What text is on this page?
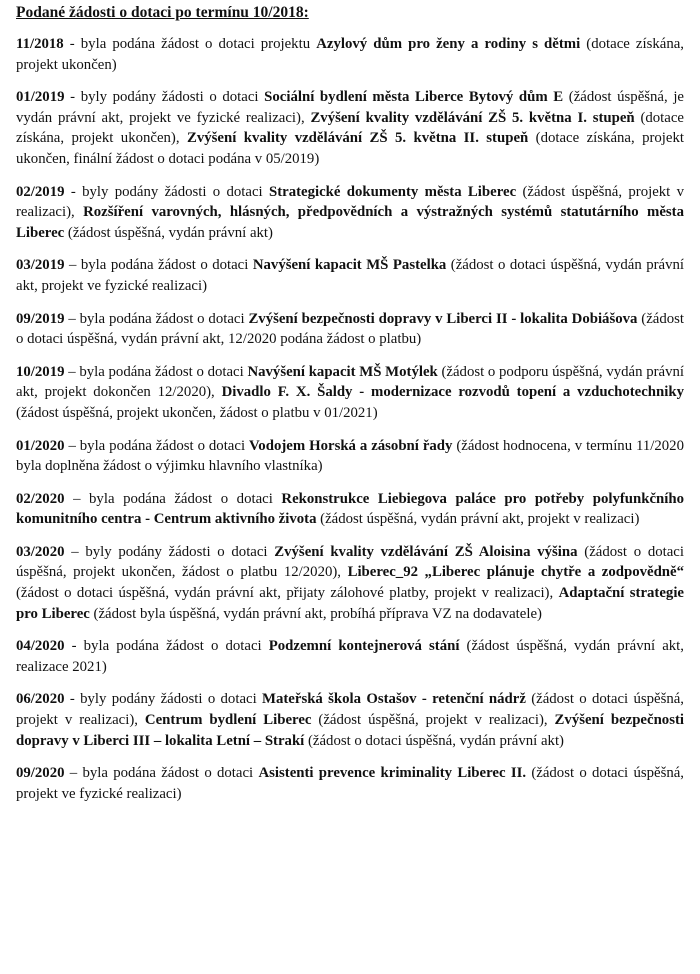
Podané žádosti o dotaci po termínu 10/2018:

11/2018 - byla podána žádost o dotaci projektu Azylový dům pro ženy a rodiny s dětmi (dotace získána, projekt ukončen)

01/2019 - byly podány žádosti o dotaci Sociální bydlení města Liberce Bytový dům E (žádost úspěšná, je vydán právní akt, projekt ve fyzické realizaci), Zvýšení kvality vzdělávání ZŠ 5. května I. stupeň (dotace získána, projekt ukončen), Zvýšení kvality vzdělávání ZŠ 5. května II. stupeň (dotace získána, projekt ukončen, finální žádost o dotaci podána v 05/2019)

02/2019 - byly podány žádosti o dotaci Strategické dokumenty města Liberec (žádost úspěšná, projekt v realizaci), Rozšíření varovných, hlásných, předpovědních a výstražných systémů statutárního města Liberec (žádost úspěšná, vydán právní akt)

03/2019 – byla podána žádost o dotaci Navýšení kapacit MŠ Pastelka (žádost o dotaci úspěšná, vydán právní akt, projekt ve fyzické realizaci)

09/2019 – byla podána žádost o dotaci Zvýšení bezpečnosti dopravy v Liberci II - lokalita Dobiášova (žádost o dotaci úspěšná, vydán právní akt, 12/2020 podána žádost o platbu)

10/2019 – byla podána žádost o dotaci Navýšení kapacit MŠ Motýlek (žádost o podporu úspěšná, vydán právní akt, projekt dokončen 12/2020), Divadlo F. X. Šaldy - modernizace rozvodů topení a vzduchotechniky (žádost úspěšná, projekt ukončen, žádost o platbu v 01/2021)

01/2020 – byla podána žádost o dotaci Vodojem Horská a zásobní řady (žádost hodnocena, v termínu 11/2020 byla doplněna žádost o výjimku hlavního vlastníka)

02/2020 – byla podána žádost o dotaci Rekonstrukce Liebiegova paláce pro potřeby polyfunkčního komunitního centra - Centrum aktivního života (žádost úspěšná, vydán právní akt, projekt v realizaci)

03/2020 – byly podány žádosti o dotaci Zvýšení kvality vzdělávání ZŠ Aloisina výšina (žádost o dotaci úspěšná, projekt ukončen, žádost o platbu 12/2020), Liberec_92 „Liberec plánuje chytře a zodpovědně“ (žádost o dotaci úspěšná, vydán právní akt, přijaty zálohové platby, projekt v realizaci), Adaptační strategie pro Liberec (žádost byla úspěšná, vydán právní akt, probíhá příprava VZ na dodavatele)

04/2020 - byla podána žádost o dotaci Podzemní kontejnerová stání (žádost úspěšná, vydán právní akt, realizace 2021)

06/2020 - byly podány žádosti o dotaci Mateřská škola Ostašov - retenční nádrž (žádost o dotaci úspěšná, projekt v realizaci), Centrum bydlení Liberec (žádost úspěšná, projekt v realizaci), Zvýšení bezpečnosti dopravy v Liberci III – lokalita Letní – Strakí (žádost o dotaci úspěšná, vydán právní akt)

09/2020 – byla podána žádost o dotaci Asistenti prevence kriminality Liberec II. (žádost o dotaci úspěšná, projekt ve fyzické realizaci)
